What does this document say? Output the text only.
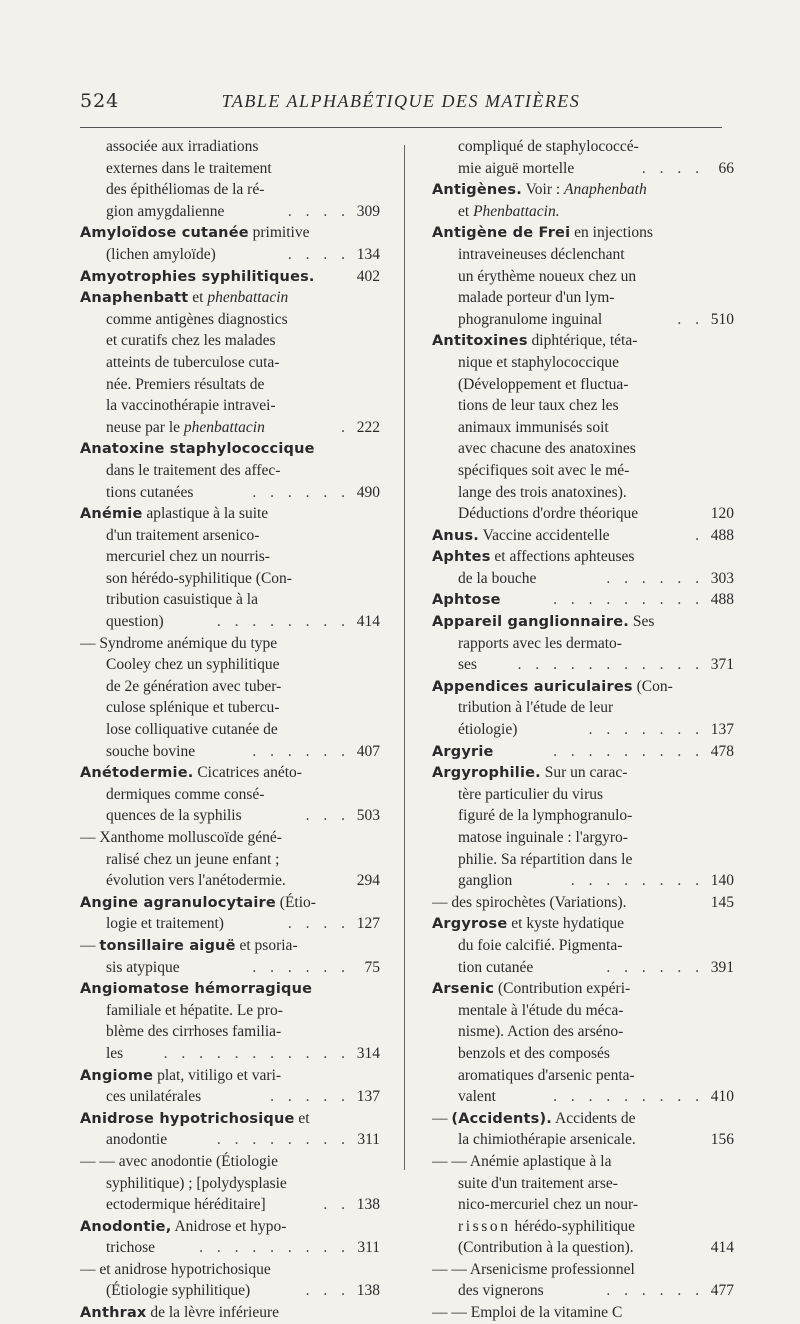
524	TABLE ALPHABÉTIQUE DES MATIÈRES
associée aux irradiations
externes dans le traitement
des épithéliomas de la ré-
gion amygdalienne	. . . . 309
Amyloïdose cutanée primitive
(lichen amyloïde)	. . . . 134
Amyotrophies syphilitiques.	402
Anaphenbatt et phenbattacin
comme antigènes diagnostics
et curatifs chez les malades
atteints de tuberculose cuta-
née. Premiers résultats de
la vaccinothérapie intravei-
neuse par le phenbattacin	. 222
Anatoxine staphylococcique
dans le traitement des affec-
tions cutanées	. . . . . . 490
Anémie aplastique à la suite
d'un traitement arsenico-
mercuriel chez un nourris-
son hérédo-syphilitique (Con-
tribution casuistique à la
question)	. . . . . . . . 414
— Syndrome anémique du type
Cooley chez un syphilitique
de 2e génération avec tuber-
culose splénique et tubercu-
lose colliquative cutanée de
souche bovine	. . . . . . 407
Anétodermie. Cicatrices anéto-
dermiques comme consé-
quences de la syphilis	. . . 503
— Xanthome molluscoïde géné-
ralisé chez un jeune enfant ;
évolution vers l'anétodermie.	294
Angine agranulocytaire (Étio-
logie et traitement)	. . . . 127
— tonsillaire aiguë et psoria-
sis atypique	. . . . . . 75
Angiomatose hémorragique
familiale et hépatite. Le pro-
blème des cirrhoses familia-
les	. . . . . . . . . . . 314
Angiome plat, vitiligo et vari-
ces unilatérales	. . . . . 137
Anidrose hypotrichosique et
anodontie	. . . . . . . . 311
— — avec anodontie (Étiologie
syphilitique) ; [polydysplasie
ectodermique héréditaire]	. . 138
Anodontie, Anidrose et hypo-
trichose	. . . . . . . . . 311
— et anidrose hypotrichosique
(Étiologie syphilitique)	. . . 138
Anthrax de la lèvre inférieure
compliqué de staphylococcé-
mie aiguë mortelle	. . . . 66
Antigènes. Voir : Anaphenbath
et Phenbattacin.
Antigène de Frei en injections
intraveineuses déclenchant
un érythème noueux chez un
malade porteur d'un lym-
phogranulome inguinal	. . 510
Antitoxines diphtérique, téta-
nique et staphylococcique
(Développement et fluctua-
tions de leur taux chez les
animaux immunisés soit
avec chacune des anatoxines
spécifiques soit avec le mé-
lange des trois anatoxines).
Déductions d'ordre théorique	120
Anus. Vaccine accidentelle	. 488
Aphtes et affections aphteuses
de la bouche	. . . . . . 303
Aphtose	. . . . . . . . . 488
Appareil ganglionnaire. Ses
rapports avec les dermato-
ses	. . . . . . . . . . . 371
Appendices auriculaires (Con-
tribution à l'étude de leur
étiologie)	. . . . . . . 137
Argyrie	. . . . . . . . . 478
Argyrophilie. Sur un carac-
tère particulier du virus
figuré de la lymphogranulo-
matose inguinale : l'argyro-
philie. Sa répartition dans le
ganglion	. . . . . . . . 140
— des spirochètes (Variations).	145
Argyrose et kyste hydatique
du foie calcifié. Pigmenta-
tion cutanée	. . . . . . 391
Arsenic (Contribution expéri-
mentale à l'étude du méca-
nisme). Action des arséno-
benzols et des composés
aromatiques d'arsenic penta-
valent	. . . . . . . . . 410
— (Accidents). Accidents de
la chimiothérapie arsenicale.	156
— — Anémie aplastique à la
suite d'un traitement arse-
nico-mercuriel chez un nour-
risson hérédo-syphilitique
(Contribution à la question).	414
— — Arsenicisme professionnel
des vignerons	. . . . . . 477
— — Emploi de la vitamine C
